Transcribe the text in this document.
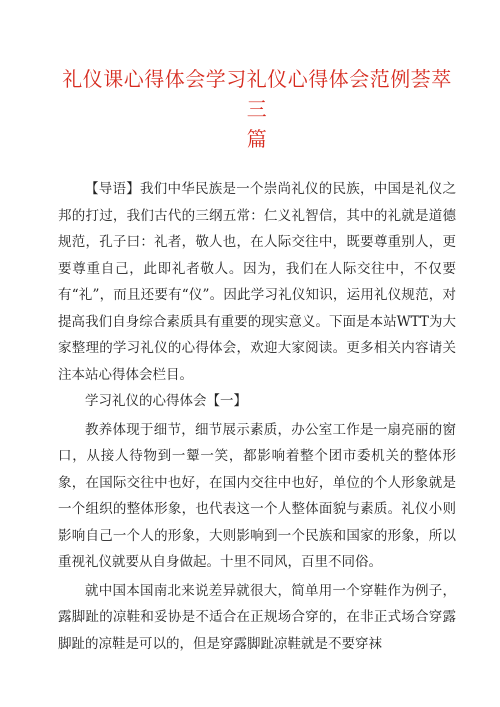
礼仪课心得体会学习礼仪心得体会范例荟萃三
篇

【导语】我们中华民族是一个崇尚礼仪的民族，中国是礼仪之邦的打过，我们古代的三纲五常：仁义礼智信，其中的礼就是道德规范，孔子曰：礼者，敬人也，在人际交往中，既要尊重别人，更要尊重自己，此即礼者敬人。因为，我们在人际交往中，不仅要有“礼”，而且还要有“仪”。因此学习礼仪知识，运用礼仪规范，对提高我们自身综合素质具有重要的现实意义。下面是本站WTT为大家整理的学习礼仪的心得体会，欢迎大家阅读。更多相关内容请关注本站心得体会栏目。

学习礼仪的心得体会【一】

教养体现于细节，细节展示素质，办公室工作是一扇亮丽的窗口，从接人待物到一颦一笑，都影响着整个团市委机关的整体形象，在国际交往中也好，在国内交往中也好，单位的个人形象就是一个组织的整体形象，也代表这一个人整体面貌与素质。礼仪小则影响自己一个人的形象，大则影响到一个民族和国家的形象，所以重视礼仪就要从自身做起。十里不同风，百里不同俗。

就中国本国南北来说差异就很大，简单用一个穿鞋作为例子，露脚趾的凉鞋和妥协是不适合在正规场合穿的，在非正式场合穿露脚趾的凉鞋是可以的，但是穿露脚趾凉鞋就是不要穿袜
